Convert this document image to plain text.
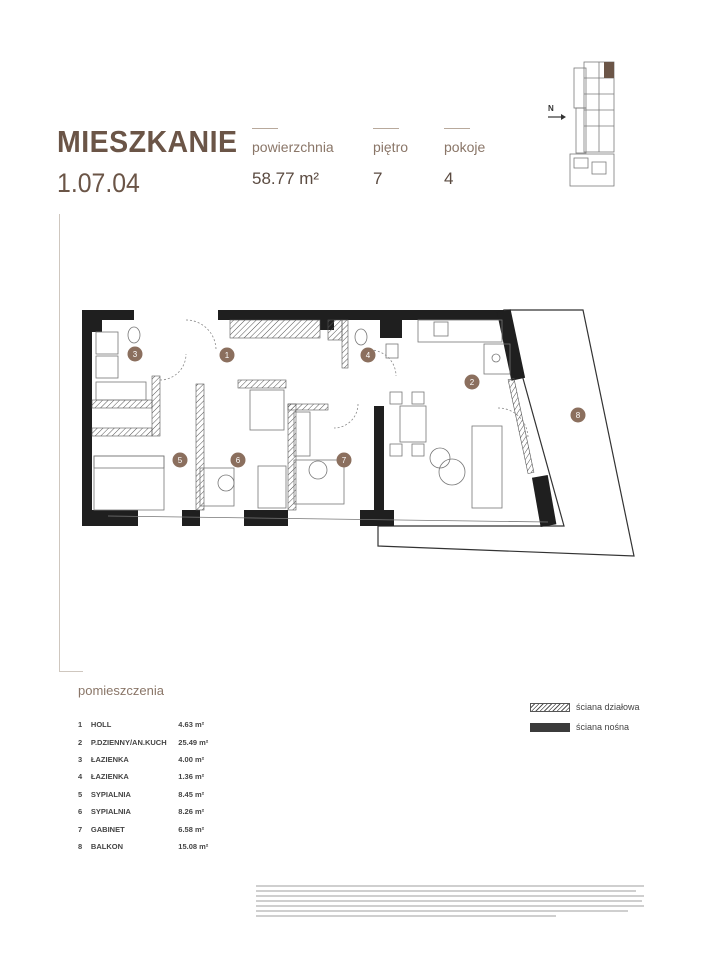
MIESZKANIE
1.07.04
powierzchnia
58.77 m²
piętro
7
pokoje
4
N
1
2
3	4
5	6	7
8
pomieszczenia
1	HOLL	4.63 m²
2	P.DZIENNY/AN.KUCH	25.49 m²
3	ŁAZIENKA	4.00 m²
4	ŁAZIENKA	1.36 m²
5	SYPIALNIA	8.45 m²
6	SYPIALNIA	8.26 m²
7	GABINET	6.58 m²
8	BALKON	15.08 m²
ściana działowa
ściana nośna
